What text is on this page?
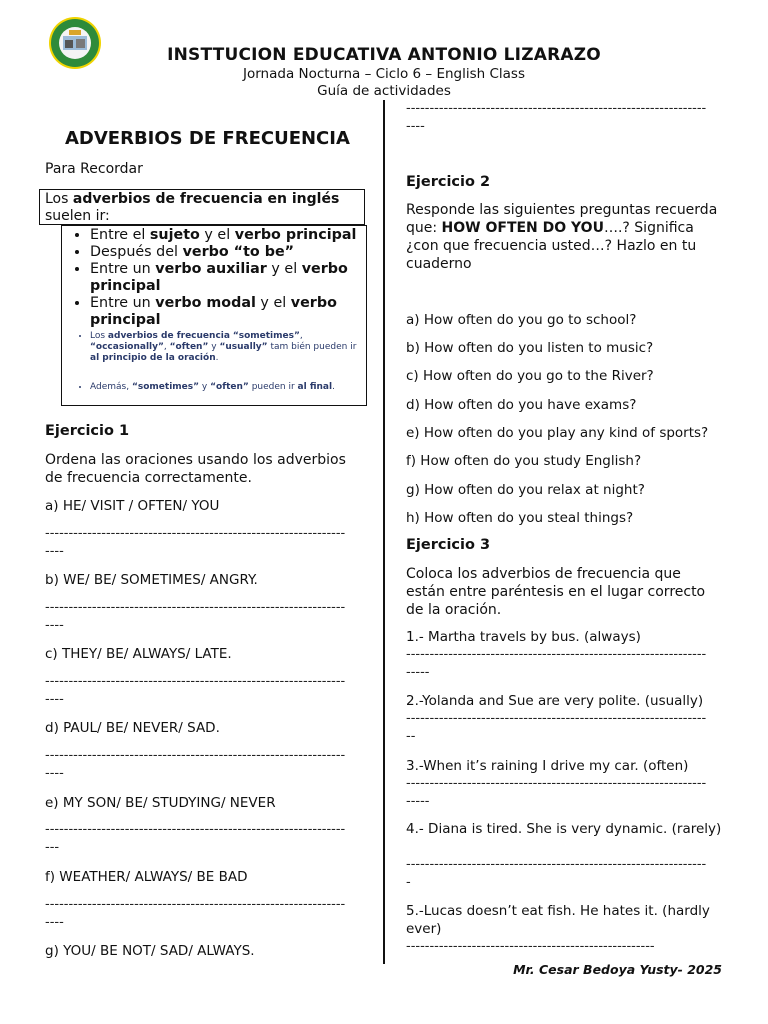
INSTTUCION EDUCATIVA ANTONIO LIZARAZO
Jornada Nocturna – Ciclo 6 – English Class
Guía de actividades
ADVERBIOS DE FRECUENCIA
Para Recordar
Los adverbios de frecuencia en inglés suelen ir:
• Entre el sujeto y el verbo principal
• Después del verbo “to be”
• Entre un verbo auxiliar y el verbo principal
• Entre un verbo modal y el verbo principal
• Los adverbios de frecuencia “sometimes”, “occasionally”, “often” y “usually” tam bién pueden ir al principio de la oración.
• Además, “sometimes” y “often” pueden ir al final.
Ejercicio 1
Ordena las oraciones usando los adverbios de frecuencia correctamente.
a) HE/ VISIT / OFTEN/ YOU
----------------------------------------------------------------
----
b) WE/ BE/ SOMETIMES/ ANGRY.
----------------------------------------------------------------
----
c) THEY/ BE/ ALWAYS/ LATE.
----------------------------------------------------------------
----
d) PAUL/ BE/ NEVER/ SAD.
----------------------------------------------------------------
----
e) MY SON/ BE/ STUDYING/ NEVER
----------------------------------------------------------------
---
f) WEATHER/ ALWAYS/ BE BAD
----------------------------------------------------------------
----
g) YOU/ BE NOT/ SAD/ ALWAYS.
----------------------------------------------------------------
----
Ejercicio 2
Responde las siguientes preguntas recuerda que: HOW OFTEN DO YOU….? Significa ¿con que frecuencia usted…? Hazlo en tu cuaderno
a) How often do you go to school?
b) How often do you listen to music?
c) How often do you go to the River?
d) How often do you have exams?
e) How often do you play any kind of sports?
f) How often do you study English?
g) How often do you relax at night?
h) How often do you steal things?
Ejercicio 3
Coloca los adverbios de frecuencia que están entre paréntesis en el lugar correcto de la oración.
1.- Martha travels by bus. (always)
----------------------------------------------------------------
-----
2.-Yolanda and Sue are very polite. (usually)
----------------------------------------------------------------
--
3.-When it’s raining I drive my car. (often)
----------------------------------------------------------------
-----
4.- Diana is tired. She is very dynamic. (rarely)
----------------------------------------------------------------
-
5.-Lucas doesn’t eat fish. He hates it. (hardly ever)
-----------------------------------------------------
Mr. Cesar Bedoya Yusty- 2025
